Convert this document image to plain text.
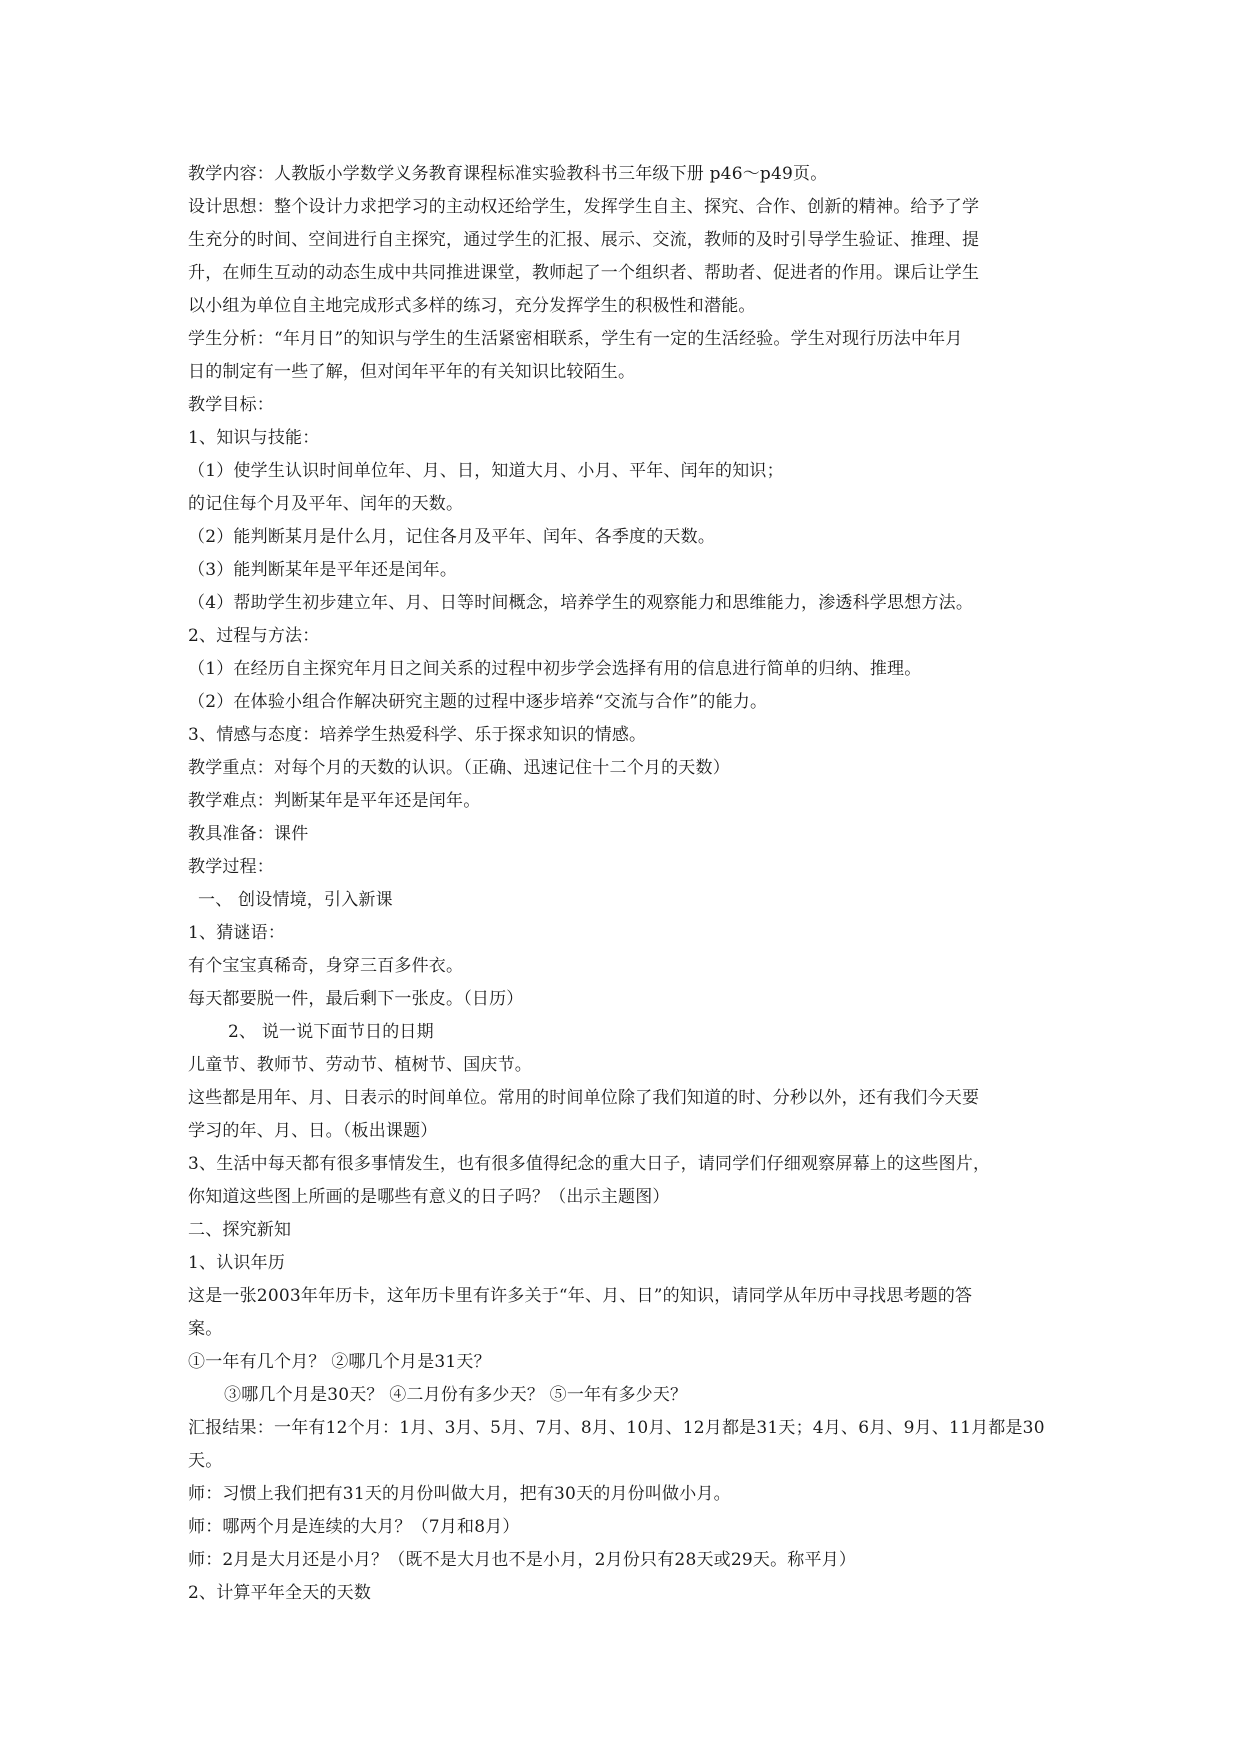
教学内容：人教版小学数学义务教育课程标准实验教科书三年级下册 p46～p49页。
设计思想：整个设计力求把学习的主动权还给学生，发挥学生自主、探究、合作、创新的精神。给予了学
生充分的时间、空间进行自主探究，通过学生的汇报、展示、交流，教师的及时引导学生验证、推理、提
升，在师生互动的动态生成中共同推进课堂，教师起了一个组织者、帮助者、促进者的作用。课后让学生
以小组为单位自主地完成形式多样的练习，充分发挥学生的积极性和潜能。
学生分析：“年月日”的知识与学生的生活紧密相联系，学生有一定的生活经验。学生对现行历法中年月
日的制定有一些了解，但对闰年平年的有关知识比较陌生。
教学目标：
1、知识与技能：
（1）使学生认识时间单位年、月、日，知道大月、小月、平年、闰年的知识；
的记住每个月及平年、闰年的天数。
（2）能判断某月是什么月，记住各月及平年、闰年、各季度的天数。
（3）能判断某年是平年还是闰年。
（4）帮助学生初步建立年、月、日等时间概念，培养学生的观察能力和思维能力，渗透科学思想方法。
2、过程与方法：
（1）在经历自主探究年月日之间关系的过程中初步学会选择有用的信息进行简单的归纳、推理。
（2）在体验小组合作解决研究主题的过程中逐步培养“交流与合作”的能力。
3、情感与态度：培养学生热爱科学、乐于探求知识的情感。
教学重点：对每个月的天数的认识。（正确、迅速记住十二个月的天数）
教学难点：判断某年是平年还是闰年。
教具准备：课件
教学过程：
一、 创设情境，引入新课
1、猜谜语：
有个宝宝真稀奇，身穿三百多件衣。
每天都要脱一件，最后剩下一张皮。（日历）
2、 说一说下面节日的日期
儿童节、教师节、劳动节、植树节、国庆节。
这些都是用年、月、日表示的时间单位。常用的时间单位除了我们知道的时、分秒以外，还有我们今天要
学习的年、月、日。（板出课题）
3、生活中每天都有很多事情发生，也有很多值得纪念的重大日子，请同学们仔细观察屏幕上的这些图片，
你知道这些图上所画的是哪些有意义的日子吗？（出示主题图）
二、探究新知
1、认识年历
这是一张2003年年历卡，这年历卡里有许多关于“年、月、日”的知识，请同学从年历中寻找思考题的答
案。
①一年有几个月？ ②哪几个月是31天？
③哪几个月是30天？ ④二月份有多少天？ ⑤一年有多少天？
汇报结果：一年有12个月：1月、3月、5月、7月、8月、10月、12月都是31天；4月、6月、9月、11月都是30
天。
师：习惯上我们把有31天的月份叫做大月，把有30天的月份叫做小月。
师：哪两个月是连续的大月？（7月和8月）
师：2月是大月还是小月？（既不是大月也不是小月，2月份只有28天或29天。称平月）
2、计算平年全天的天数
